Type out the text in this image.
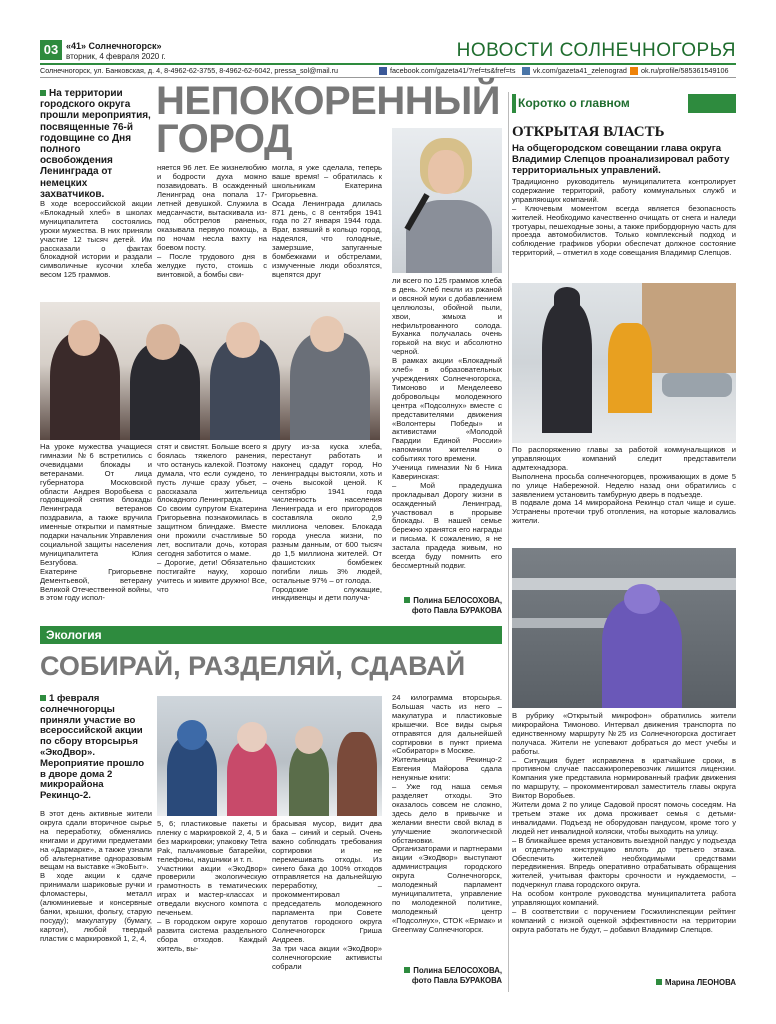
03 «41» Солнечногорск»
вторник, 4 февраля 2020 г.	НОВОСТИ СОЛНЕЧНОГОРЬЯ
Солнечногорск, ул. Банковская, д. 4, 8-4962-62-3755, 8-4962-62-6042, pressa_sol@mail.ru	facebook.com/gazeta41/?ref=ts&fref=ts vk.com/gazeta41_zelenograd ok.ru/profile/585361549106
На территории городского округа прошли мероприятия, посвященные 76-й годовщине со Дня полного освобождения Ленинграда от немецких захватчиков.
НЕПОКОРЕННЫЙ
ГОРОД
В ходе всероссийской акции «Блокадный хлеб» в школах муниципалитета состоялись уроки мужества. В них приняли участие 12 тысяч детей. Им рассказали о фактах блокадной истории и раздали символичные кусочки хлеба весом 125 граммов.
няется 96 лет. Ее жизнелюбию и бодрости духа можно позавидовать. В осажденный Ленинград она попала 17-летней девушкой. Служила в медсанчасти, вытаскивала из-под обстрелов раненых, оказывала первую помощь, а по ночам несла вахту на боевом посту.
– После трудового дня в желудке пусто, стоишь с винтовкой, а бомбы сви-
могла, я уже сделала, теперь ваше время! – обратилась к школьникам Екатерина Григорьевна.
Осада Ленинграда длилась 871 день, с 8 сентября 1941 года по 27 января 1944 года. Враг, взявший в кольцо город, надеялся, что голодные, замерзшие, запуганные бомбежками и обстрелами, измученные люди обозлятся, вцепятся друг
На уроке мужества учащиеся гимназии №6 встретились с очевидцами блокады и ветеранами. От лица губернатора Московской области Андрея Воробьева с годовщиной снятия блокады Ленинграда ветеранов поздравила, а также вручила именные открытки и памятные подарки начальник Управления социальной защиты населения муниципалитета Юлия Безгубова.
Екатерине Григорьевне Дементьевой, ветерану Великой Отечественной войны, в этом году испол-
стят и свистят. Больше всего я боялась тяжелого ранения, что останусь калекой. Поэтому думала, что если суждено, то пусть лучше сразу убьет, – рассказала жительница блокадного Ленинграда.
Со своим супругом Екатерина Григорьевна познакомилась в защитном блиндаже. Вместе они прожили счастливые 50 лет, воспитали дочь, которая сегодня заботится о маме.
– Дорогие, дети! Обязательно постигайте науку, хорошо учитесь и живите дружно! Все, что
другу из-за куска хлеба, перестанут работать и наконец сдадут город. Но ленинградцы выстояли, хоть и очень высокой ценой. К сентябрю 1941 года численность населения Ленинграда и его пригородов составляла около 2,9 миллиона человек. Блокада города унесла жизни, по разным данным, от 600 тысяч до 1,5 миллиона жителей. От фашистских бомбежек погибли лишь 3% людей, остальные 97% – от голода.
Городские служащие, инждивенцы и дети получа-
ли всего по 125 граммов хлеба в день. Хлеб пекли из ржаной и овсяной муки с добавлением целлюлозы, обойной пыли, хвои, жмыха и нефильтрованного солода. Буханка получалась очень горькой на вкус и абсолютно черной.
В рамках акции «Блокадный хлеб» в образовательных учреждениях Солнечногорска, Тимоново и Менделеево добровольцы молодежного центра «Подсолнух» вместе с представителями движения «Волонтеры Победы» и активистами «Молодой Гвардии Единой России» напомнили жителям о событиях того времени.
Ученица гимназии №6 Ника Каверинская:
– Мой прадедушка прокладывал Дорогу жизни в осажденный Ленинград, участвовал в прорыве блокады. В нашей семье бережно хранятся его награды и письма. К сожалению, я не застала прадеда живым, но всегда буду помнить его бессмертный подвиг.
Полина БЕЛОСОХОВА,
фото Павла БУРАКОВА
Экология
СОБИРАЙ, РАЗДЕЛЯЙ, СДАВАЙ
1 февраля солнечногорцы приняли участие во всероссийской акции по сбору вторсырья «ЭкоДвор». Мероприятие прошло в дворе дома 2 микрорайона Рекинцо-2.
В этот день активные жители округа сдали вторичное сырье на переработку, обменялись книгами и другими предметами на «Дармарке», а также узнали об альтернативе одноразовым вещам на выставке «ЭкоБыт».
В ходе акции к сдаче принимали шариковые ручки и фломастеры, металл (алюминиевые и консервные банки, крышки, фольгу, старую посуду); макулатуру (бумагу, картон), любой твердый пластик с маркировкой 1, 2, 4,
5, 6; пластиковые пакеты и пленку с маркировкой 2, 4, 5 и без маркировки; упаковку Tetra Pak, пальчиковые батарейки, телефоны, наушники и т. п.
Участники акции «ЭкоДвор» проверили экологическую грамотность в тематических играх и мастер-классах и отведали вкусного компота с печеньем.
– В городском округе хорошо развита система раздельного сбора отходов. Каждый житель, вы-
брасывая мусор, видит два бака – синий и серый. Очень важно соблюдать требования сортировки и не перемешивать отходы. Из синего бака до 100% отходов отправляется на дальнейшую переработку, – прокомментировал председатель молодежного парламента при Совете депутатов городского округа Солнечногорск Гриша Андреев.
За три часа акции «ЭкоДвор» солнечногорские активисты собрали
24 килограмма вторсырья. Большая часть из него – макулатура и пластиковые крышечки. Все виды сырья отправятся для дальнейшей сортировки в пункт приема «Собиратор» в Москве.
Жительница Рекинцо-2 Евгения Майорова сдала ненужные книги:
– Уже год наша семья разделяет отходы. Это оказалось совсем не сложно, здесь дело в привычке и желании внести свой вклад в улучшение экологической обстановки.
Организаторами и партнерами акции «ЭкоДвор» выступают администрация городского округа Солнечногорск, молодежный парламент муниципалитета, управление по молодежной политике, молодежный центр «Подсолнух», СТОК «Ермак» и Greenway Солнечногорск.
Полина БЕЛОСОХОВА,
фото Павла БУРАКОВА
Коротко о главном
ОТКРЫТАЯ ВЛАСТЬ
На общегородском совещании глава округа Владимир Слепцов проанализировал работу территориальных управлений.
Традиционно руководитель муниципалитета контролирует содержание территорий, работу коммунальных служб и управляющих компаний.
– Ключевым моментом всегда является безопасность жителей. Необходимо качественно очищать от снега и наледи тротуары, пешеходные зоны, а также прибордюрную часть для проезда автомобилистов. Только комплексный подход и соблюдение графиков уборки обеспечат должное состояние территорий, – отметил в ходе совещания Владимир Слепцов.
По распоряжению главы за работой коммунальщиков и управляющих компаний следит представители адмтехнадзора.
Выполнена просьба солнечногорцев, проживающих в доме 5 по улице Набережной. Неделю назад они обратились с заявлением установить тамбурную дверь в подъезде.
В подвале дома 14 микрорайона Рекинцо стал чище и суше. Устранены протечки труб отопления, на которые жаловались жители.
В рубрику «Открытый микрофон» обратились жители микрорайона Тимоново. Интервал движения транспорта по единственному маршруту №25 из Солнечногорска достигает получаса. Жители не успевают добраться до мест учебы и работы.
– Ситуация будет исправлена в кратчайшие сроки, в противном случае пассажироперевозчик лишится лицензии. Компания уже представила нормированный график движения по маршруту, – прокомментировал заместитель главы округа Виктор Воробьев.
Жители дома 2 по улице Садовой просят помочь соседям. На третьем этаже их дома проживает семья с детьми-инвалидами. Подъезд не оборудован пандусом, кроме того у людей нет инвалидной коляски, чтобы выходить на улицу.
– В ближайшее время установить выездной пандус у подъезда и отдельную конструкцию вплоть до третьего этажа. Обеспечить жителей необходимыми средствами передвижения. Впредь оперативно отрабатывать обращения жителей, учитывая факторы срочности и нуждаемости, – подчеркнул глава городского округа.
На особом контроле руководства муниципалитета работа управляющих компаний.
– В соответствии с поручением Госжилинспекции рейтинг компаний с низкой оценкой эффективности на территории округа работать не будут, – добавил Владимир Слепцов.
Марина ЛЕОНОВА
